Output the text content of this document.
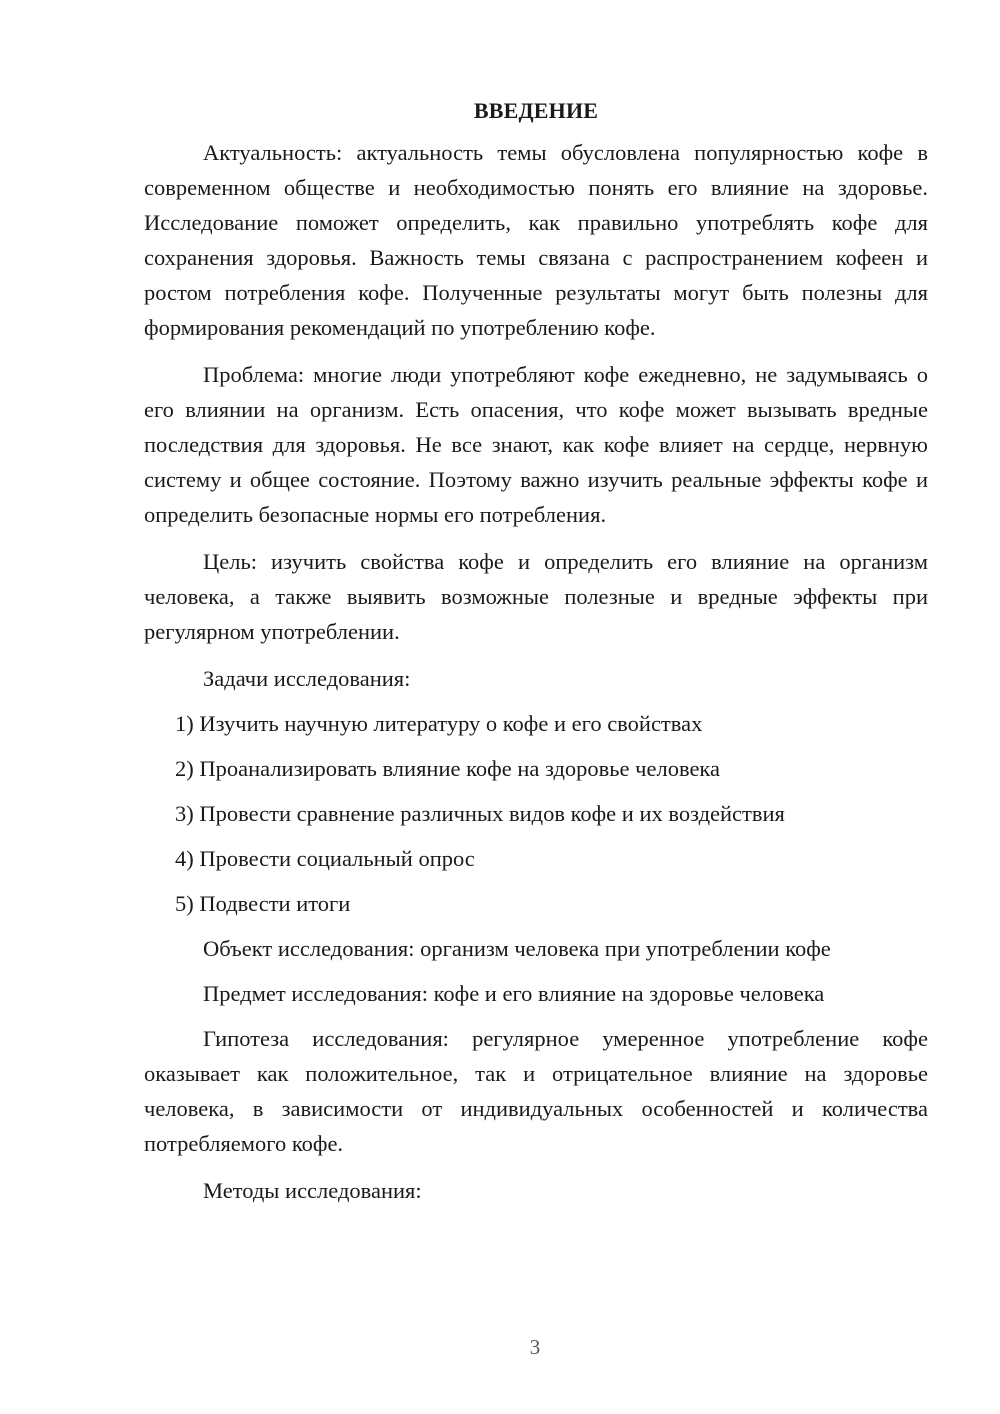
ВВЕДЕНИЕ

Актуальность: актуальность темы обусловлена популярностью кофе в современном обществе и необходимостью понять его влияние на здоровье. Исследование поможет определить, как правильно употреблять кофе для сохранения здоровья. Важность темы связана с распространением кофеен и ростом потребления кофе. Полученные результаты могут быть полезны для формирования рекомендаций по употреблению кофе.

Проблема: многие люди употребляют кофе ежедневно, не задумываясь о его влиянии на организм. Есть опасения, что кофе может вызывать вредные последствия для здоровья. Не все знают, как кофе влияет на сердце, нервную систему и общее состояние. Поэтому важно изучить реальные эффекты кофе и определить безопасные нормы его потребления.

Цель: изучить свойства кофе и определить его влияние на организм человека, а также выявить возможные полезные и вредные эффекты при регулярном употреблении.

Задачи исследования:
1) Изучить научную литературу о кофе и его свойствах
2) Проанализировать влияние кофе на здоровье человека
3) Провести сравнение различных видов кофе и их воздействия
4) Провести социальный опрос
5) Подвести итоги
Объект исследования: организм человека при употреблении кофе
Предмет исследования: кофе и его влияние на здоровье человека

Гипотеза исследования: регулярное умеренное употребление кофе оказывает как положительное, так и отрицательное влияние на здоровье человека, в зависимости от индивидуальных особенностей и количества потребляемого кофе.

Методы исследования:
3
